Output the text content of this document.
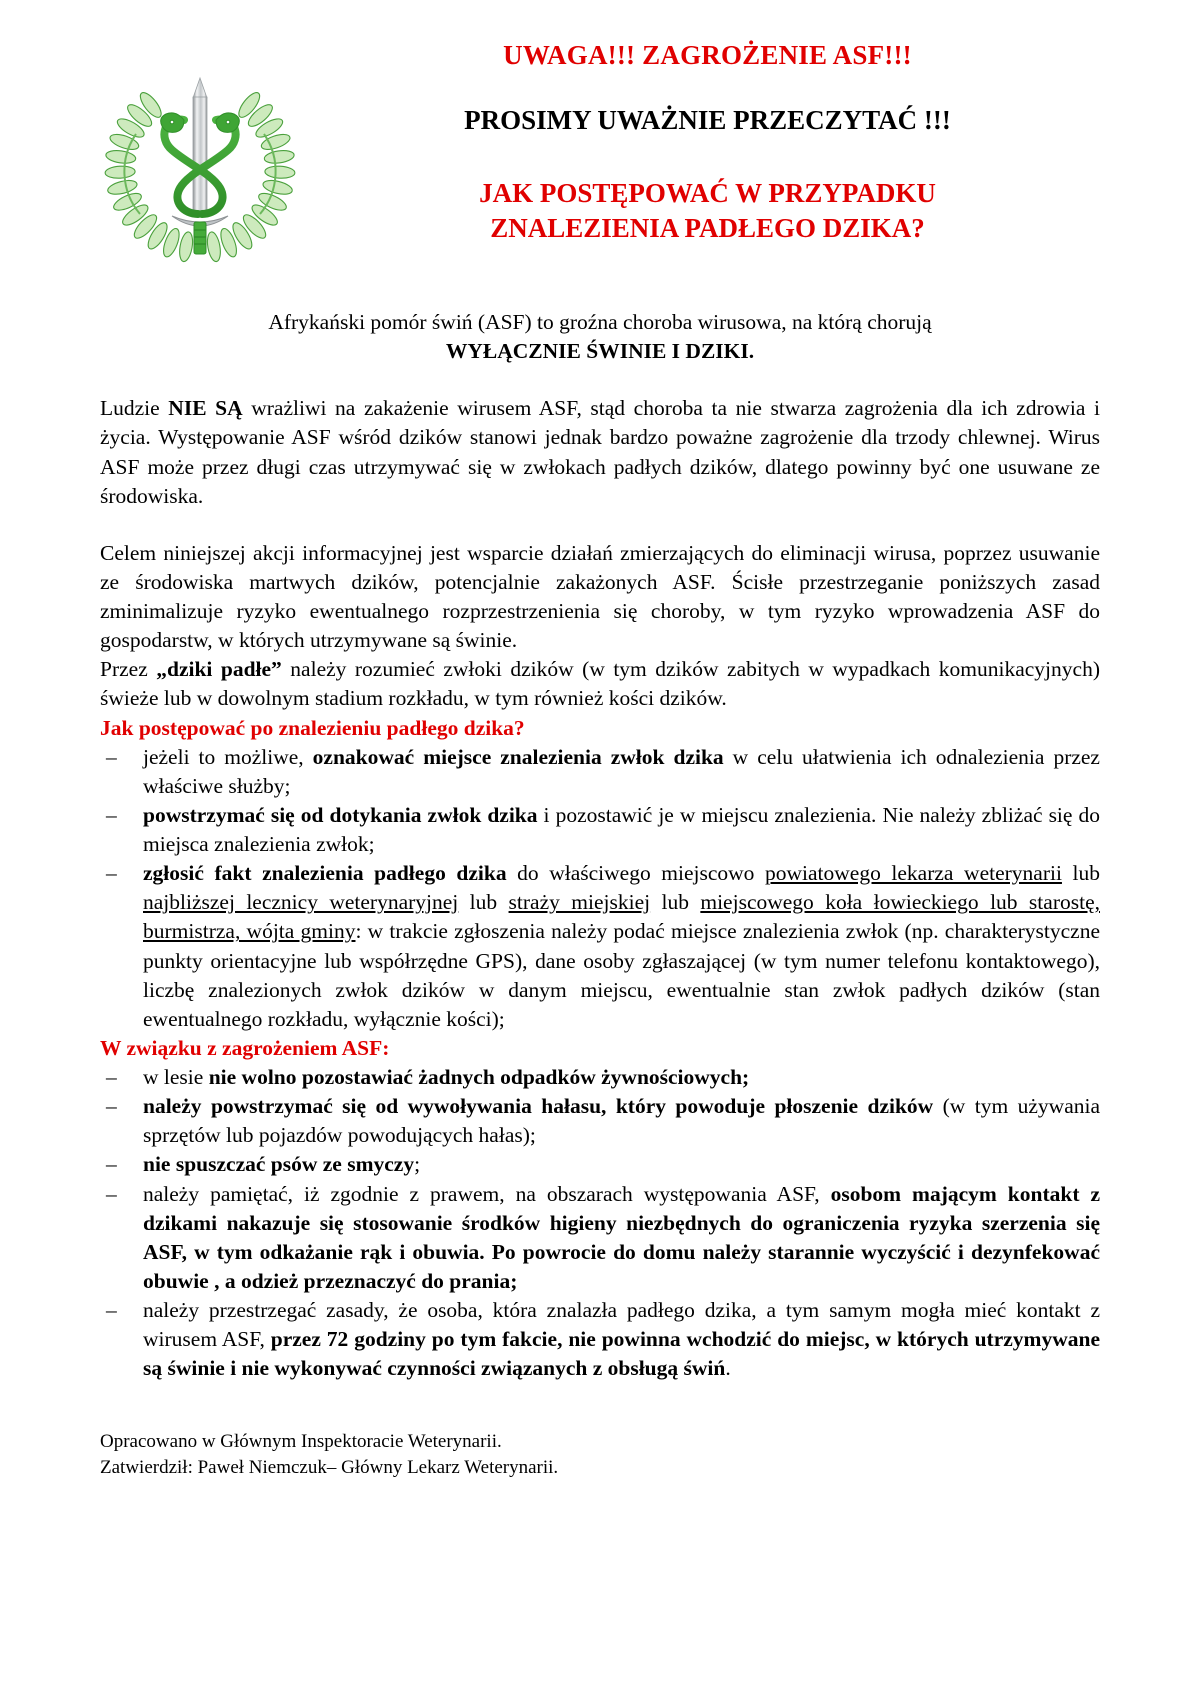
UWAGA!!! ZAGROŻENIE ASF!!!
PROSIMY UWAŻNIE PRZECZYTAĆ !!!
JAK POSTĘPOWAĆ W PRZYPADKU
ZNALEZIENIA PADŁEGO DZIKA?
Afrykański pomór świń (ASF) to groźna choroba wirusowa, na którą chorują
WYŁĄCZNIE ŚWINIE I DZIKI.

Ludzie NIE SĄ wrażliwi na zakażenie wirusem ASF, stąd choroba ta nie stwarza zagrożenia dla ich zdrowia i życia. Występowanie ASF wśród dzików stanowi jednak bardzo poważne zagrożenie dla trzody chlewnej. Wirus ASF może przez długi czas utrzymywać się w zwłokach padłych dzików, dlatego powinny być one usuwane ze środowiska.

Celem niniejszej akcji informacyjnej jest wsparcie działań zmierzających do eliminacji wirusa, poprzez usuwanie ze środowiska martwych dzików, potencjalnie zakażonych ASF. Ścisłe przestrzeganie poniższych zasad zminimalizuje ryzyko ewentualnego rozprzestrzenienia się choroby, w tym ryzyko wprowadzenia ASF do gospodarstw, w których utrzymywane są świnie.

Przez „dziki padłe” należy rozumieć zwłoki dzików (w tym dzików zabitych w wypadkach komunikacyjnych) świeże lub w dowolnym stadium rozkładu, w tym również kości dzików.

Jak postępować po znalezieniu padłego dzika?
– jeżeli to możliwe, oznakować miejsce znalezienia zwłok dzika w celu ułatwienia ich odnalezienia przez właściwe służby;
– powstrzymać się od dotykania zwłok dzika i pozostawić je w miejscu znalezienia. Nie należy zbliżać się do miejsca znalezienia zwłok;
– zgłosić fakt znalezienia padłego dzika do właściwego miejscowo powiatowego lekarza weterynarii lub najbliższej lecznicy weterynaryjnej lub straży miejskiej lub miejscowego koła łowieckiego lub starostę, burmistrza, wójta gminy: w trakcie zgłoszenia należy podać miejsce znalezienia zwłok (np. charakterystyczne punkty orientacyjne lub współrzędne GPS), dane osoby zgłaszającej (w tym numer telefonu kontaktowego), liczbę znalezionych zwłok dzików w danym miejscu, ewentualnie stan zwłok padłych dzików (stan ewentualnego rozkładu, wyłącznie kości);
W związku z zagrożeniem ASF:
– w lesie nie wolno pozostawiać żadnych odpadków żywnościowych;
– należy powstrzymać się od wywoływania hałasu, który powoduje płoszenie dzików (w tym używania sprzętów lub pojazdów powodujących hałas);
– nie spuszczać psów ze smyczy;
– należy pamiętać, iż zgodnie z prawem, na obszarach występowania ASF, osobom mającym kontakt z dzikami nakazuje się stosowanie środków higieny niezbędnych do ograniczenia ryzyka szerzenia się ASF, w tym odkażanie rąk i obuwia. Po powrocie do domu należy starannie wyczyścić i dezynfekować obuwie , a odzież przeznaczyć do prania;
– należy przestrzegać zasady, że osoba, która znalazła padłego dzika, a tym samym mogła mieć kontakt z wirusem ASF, przez 72 godziny po tym fakcie, nie powinna wchodzić do miejsc, w których utrzymywane są świnie i nie wykonywać czynności związanych z obsługą świń.
Opracowano w Głównym Inspektoracie Weterynarii.
Zatwierdził: Paweł Niemczuk– Główny Lekarz Weterynarii.
